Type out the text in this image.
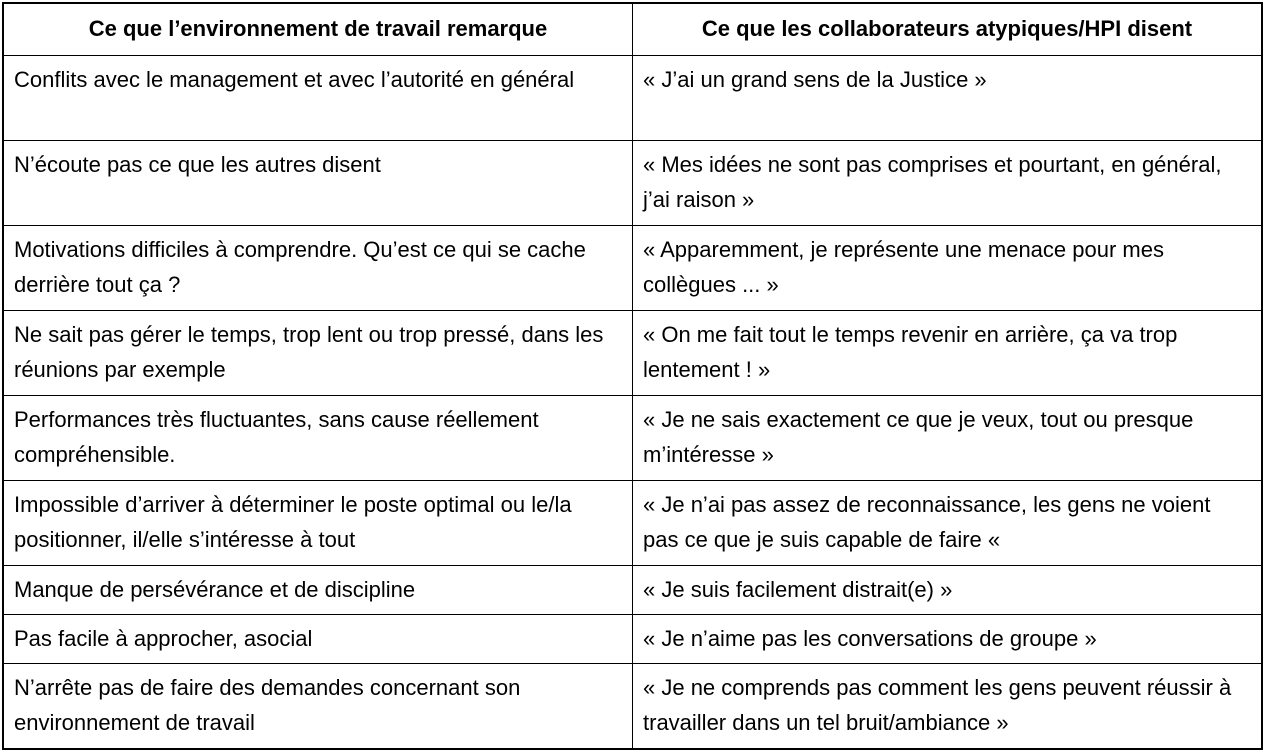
Ce que l’environnement de travail remarque	Ce que les collaborateurs atypiques/HPI disent
Conflits avec le management et avec l’autorité en général	« J’ai un grand sens de la Justice »
N’écoute pas ce que les autres disent	« Mes idées ne sont pas comprises et pourtant, en général, j’ai raison »
Motivations difficiles à comprendre. Qu’est ce qui se cache derrière tout ça ?	« Apparemment, je représente une menace pour mes collègues ... »
Ne sait pas gérer le temps, trop lent ou trop pressé, dans les réunions par exemple	« On me fait tout le temps revenir en arrière, ça va trop lentement ! »
Performances très fluctuantes, sans cause réellement compréhensible.	« Je ne sais exactement ce que je veux, tout ou presque m’intéresse »
Impossible d’arriver à déterminer le poste optimal ou le/la positionner, il/elle s’intéresse à tout	« Je n’ai pas assez de reconnaissance, les gens ne voient pas ce que je suis capable de faire «
Manque de persévérance et de discipline	« Je suis facilement distrait(e) »
Pas facile à approcher, asocial	« Je n’aime pas les conversations de groupe »
N’arrête pas de faire des demandes concernant son environnement de travail	« Je ne comprends pas comment les gens peuvent réussir à travailler dans un tel bruit/ambiance »
